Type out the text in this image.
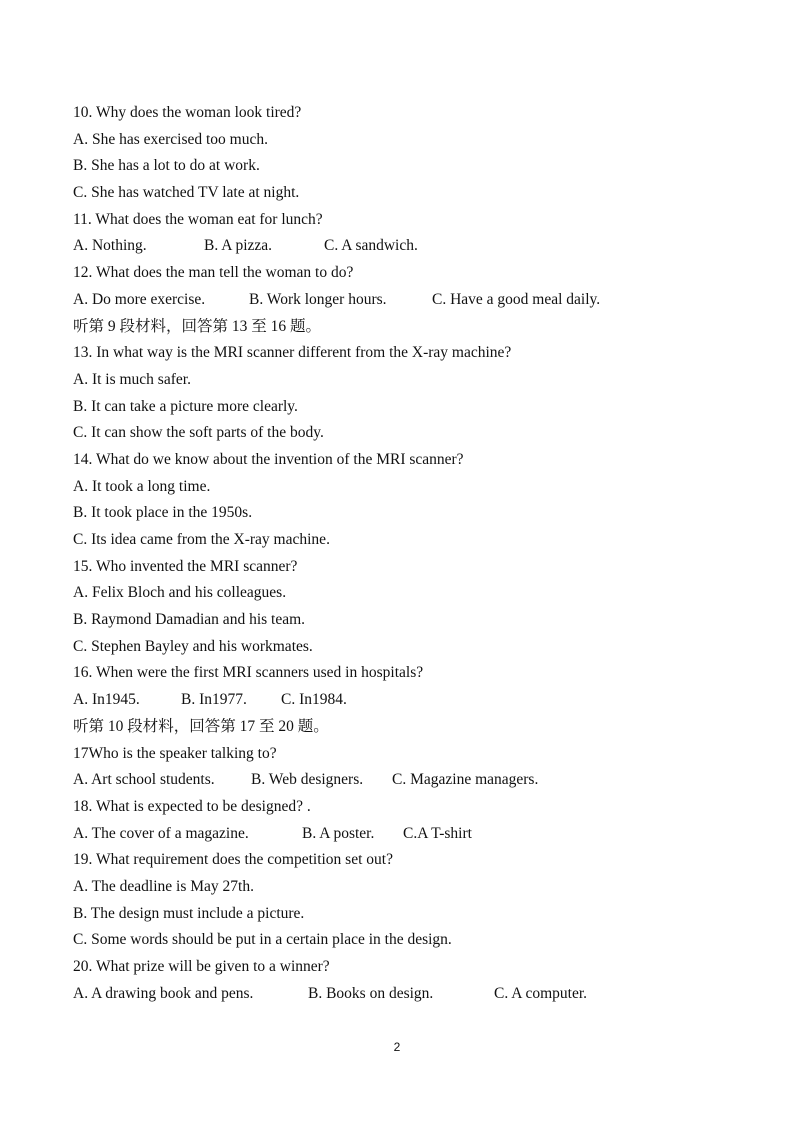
10. Why does the woman look tired?
A. She has exercised too much.
B. She has a lot to do at work.
C. She has watched TV late at night.
11. What does the woman eat for lunch?
A. Nothing.	B. A pizza.	C. A sandwich.
12. What does the man tell the woman to do?
A. Do more exercise.	B. Work longer hours.	C. Have a good meal daily.
听第 9 段材料，回答第 13 至 16 题。
13. In what way is the MRI scanner different from the X-ray machine?
A. It is much safer.
B. It can take a picture more clearly.
C. It can show the soft parts of the body.
14. What do we know about the invention of the MRI scanner?
A. It took a long time.
B. It took place in the 1950s.
C. Its idea came from the X-ray machine.
15. Who invented the MRI scanner?
A. Felix Bloch and his colleagues.
B. Raymond Damadian and his team.
C. Stephen Bayley and his workmates.
16. When were the first MRI scanners used in hospitals?
A. In1945.	B. In1977.	C. In1984.
听第 10 段材料，回答第 17 至 20 题。
17Who is the speaker talking to?
A. Art school students.	B. Web designers.	C. Magazine managers.
18. What is expected to be designed? .
A. The cover of a magazine.	B. A poster.	C.A T-shirt
19. What requirement does the competition set out?
A. The deadline is May 27th.
B. The design must include a picture.
C. Some words should be put in a certain place in the design.
20. What prize will be given to a winner?
A. A drawing book and pens.	B. Books on design.	C. A computer.
2
